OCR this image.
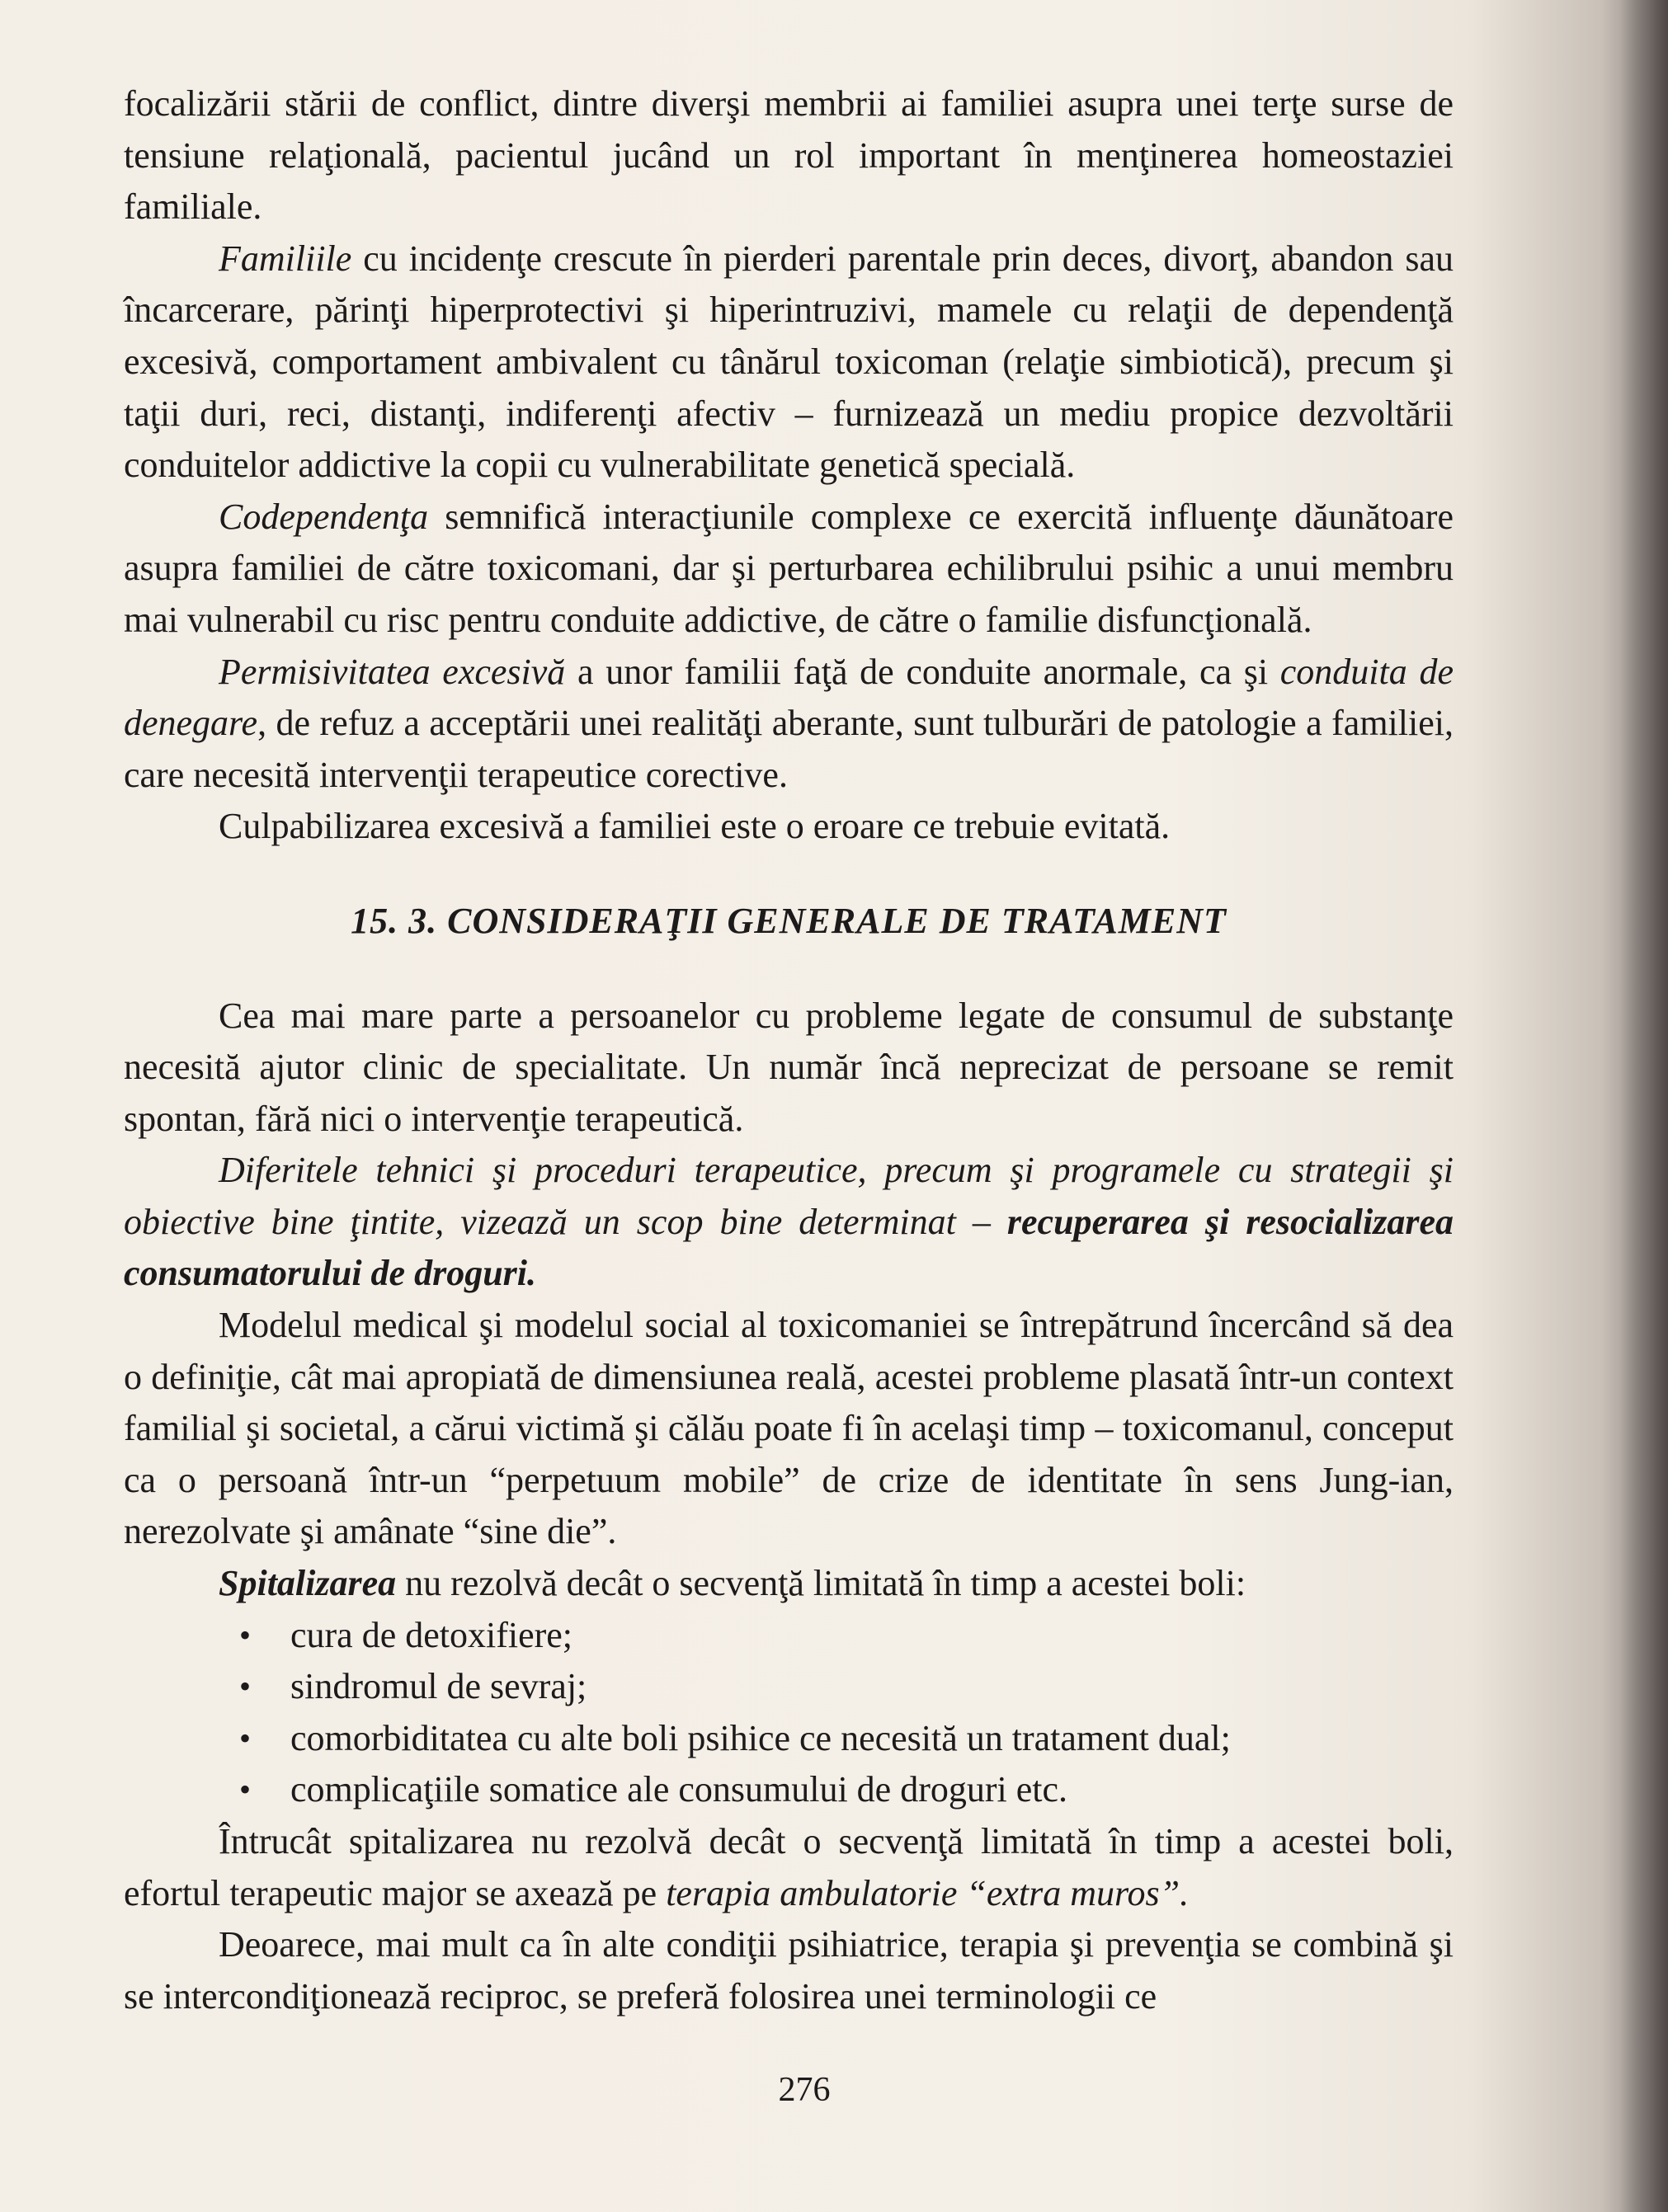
focalizării stării de conflict, dintre diverşi membrii ai familiei asupra unei terţe surse de tensiune relaţională, pacientul jucând un rol important în menţinerea homeostaziei familiale.

Familiile cu incidenţe crescute în pierderi parentale prin deces, divorţ, abandon sau încarcerare, părinţi hiperprotectivi şi hiperintruzivi, mamele cu relaţii de dependenţă excesivă, comportament ambivalent cu tânărul toxicoman (relaţie simbiotică), precum şi taţii duri, reci, distanţi, indiferenţi afectiv – furnizează un mediu propice dezvoltării conduitelor addictive la copii cu vulnerabilitate genetică specială.

Codependenţa semnifică interacţiunile complexe ce exercită influenţe dăunătoare asupra familiei de către toxicomani, dar şi perturbarea echilibrului psihic a unui membru mai vulnerabil cu risc pentru conduite addictive, de către o familie disfuncţională.

Permisivitatea excesivă a unor familii faţă de conduite anormale, ca şi conduita de denegare, de refuz a acceptării unei realităţi aberante, sunt tulburări de patologie a familiei, care necesită intervenţii terapeutice corective.

Culpabilizarea excesivă a familiei este o eroare ce trebuie evitată.

15. 3. CONSIDERAŢII GENERALE DE TRATAMENT

Cea mai mare parte a persoanelor cu probleme legate de consumul de substanţe necesită ajutor clinic de specialitate. Un număr încă neprecizat de persoane se remit spontan, fără nici o intervenţie terapeutică.

Diferitele tehnici şi proceduri terapeutice, precum şi programele cu strategii şi obiective bine ţintite, vizează un scop bine determinat – recuperarea şi resocializarea consumatorului de droguri.

Modelul medical şi modelul social al toxicomaniei se întrepătrund încercând să dea o definiţie, cât mai apropiată de dimensiunea reală, acestei probleme plasată într-un context familial şi societal, a cărui victimă şi călău poate fi în acelaşi timp – toxicomanul, conceput ca o persoană într-un “perpetuum mobile” de crize de identitate în sens Jung-ian, nerezolvate şi amânate “sine die”.

Spitalizarea nu rezolvă decât o secvenţă limitată în timp a acestei boli:

• cura de detoxifiere;
• sindromul de sevraj;
• comorbiditatea cu alte boli psihice ce necesită un tratament dual;
• complicaţiile somatice ale consumului de droguri etc.

Întrucât spitalizarea nu rezolvă decât o secvenţă limitată în timp a acestei boli, efortul terapeutic major se axează pe terapia ambulatorie “extra muros”.

Deoarece, mai mult ca în alte condiţii psihiatrice, terapia şi prevenţia se combină şi se intercondiţionează reciproc, se preferă folosirea unei terminologii ce

276
